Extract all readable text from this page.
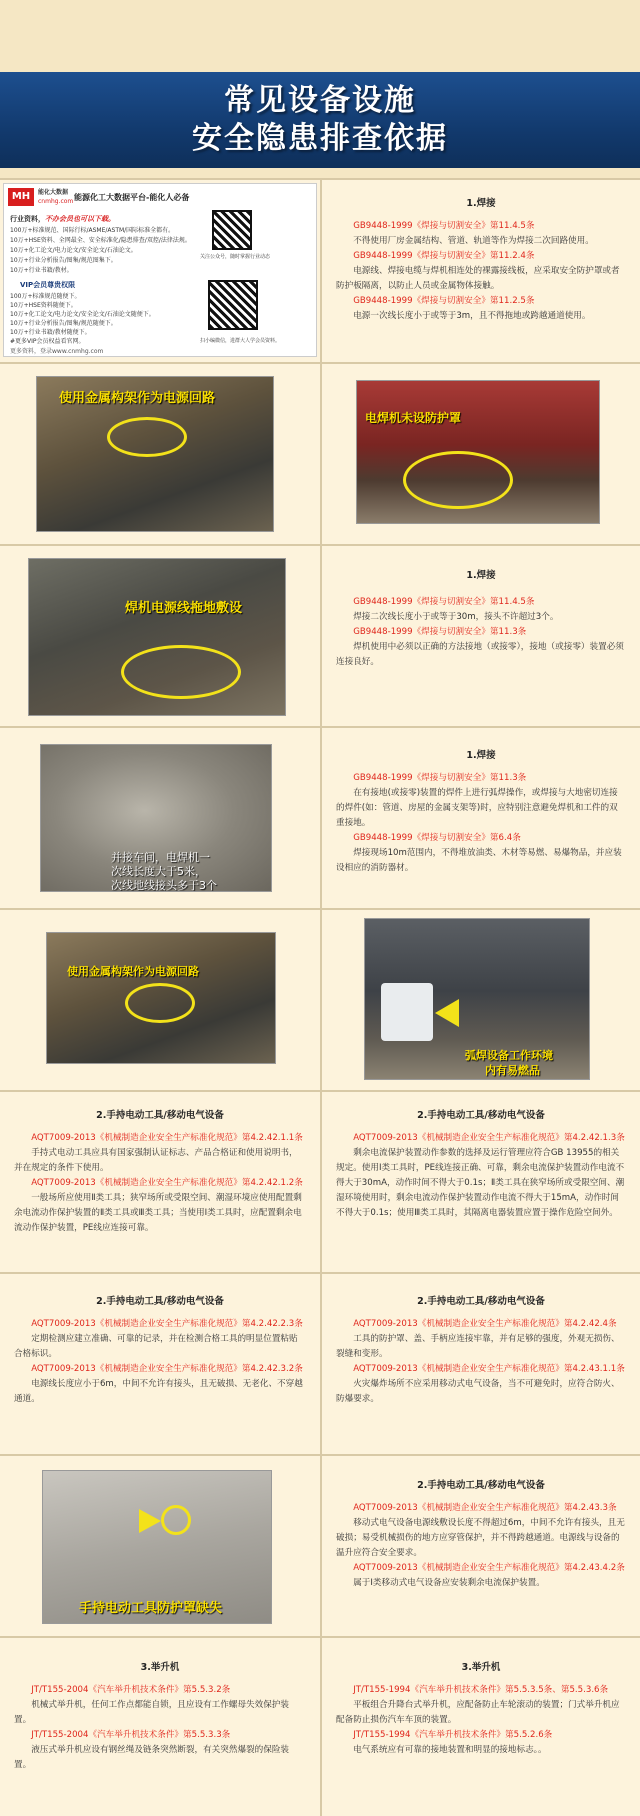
常见设备设施
安全隐患排查依据
MH	能化大数据
cnmhg.com 能源化工大数据平台-能化人必备
行业资料，不办会员也可以下载。
100万+标准规范、国际行标/ASME/ASTM/国际标准全都有。
10万+HSE资料、全网最全、安全标准化/隐患排查/双控/法律法规。
10万+化工论文/电力论文/安全论文/石油论文。
10万+行业分析报告/图集/规范图集下。
10万+行业书籍/教材。
VIP会员尊贵权限
100万+标准规范随便下。
10万+HSE资料随便下。
10万+化工论文/电力论文/安全论文/石油论文随便下。
10万+行业分析报告/图集/规范随便下。
10万+行业书籍/教材随便下。
#更多VIP会员权益看官网。
更多资料，登录www.cnmhg.com
关注公众号，随时掌握行业动态
扫小编微信，进群大人学会员资料。
1.焊接

GB9448-1999《焊接与切割安全》第11.4.5条

不得使用厂房金属结构、管道、轨道等作为焊接二次回路使用。

GB9448-1999《焊接与切割安全》第11.2.4条

电源线、焊接电缆与焊机相连处的裸露接线板，应采取安全防护罩或者防护板隔离，以防止人员或金属物体接触。

GB9448-1999《焊接与切割安全》第11.2.5条

电源一次线长度小于或等于3m，且不得拖地或跨越通道使用。

使用金属构架作为电源回路
电焊机未设防护罩
焊机电源线拖地敷设
1.焊接

GB9448-1999《焊接与切割安全》第11.4.5条

焊接二次线长度小于或等于30m，接头不许超过3个。

GB9448-1999《焊接与切割安全》第11.3条

焊机使用中必须以正确的方法接地（或接零），接地（或接零）装置必须连接良好。

并接车间，电焊机一
次线长度大于5米，
次线地线接头多于3个
1.焊接

GB9448-1999《焊接与切割安全》第11.3条

在有接地(或接零)装置的焊件上进行弧焊操作，或焊接与大地密切连接的焊件(如：管道、房屋的金属支架等)时，应特别注意避免焊机和工件的双重接地。

GB9448-1999《焊接与切割安全》第6.4条

焊接现场10m范围内，不得堆放油类、木材等易燃、易爆物品，并应装设相应的消防器材。

使用金属构架作为电源回路
弧焊设备工作环境
内有易燃品
2.手持电动工具/移动电气设备

AQT7009-2013《机械制造企业安全生产标准化规范》第4.2.42.1.1条

手持式电动工具应具有国家强制认证标志、产品合格证和使用说明书，并在规定的条件下使用。

AQT7009-2013《机械制造企业安全生产标准化规范》第4.2.42.1.2条

一般场所应使用Ⅱ类工具；狭窄场所或受限空间、潮湿环境应使用配置剩余电流动作保护装置的Ⅱ类工具或Ⅲ类工具；当使用Ⅰ类工具时，应配置剩余电流动作保护装置，PE线应连接可靠。

2.手持电动工具/移动电气设备

AQT7009-2013《机械制造企业安全生产标准化规范》第4.2.42.1.3条

剩余电流保护装置动作参数的选择及运行管理应符合GB 13955的相关规定。使用Ⅰ类工具时，PE线连接正确、可靠，剩余电流保护装置动作电流不得大于30mA，动作时间不得大于0.1s；Ⅱ类工具在狭窄场所或受限空间、潮湿环境使用时，剩余电流动作保护装置动作电流不得大于15mA，动作时间不得大于0.1s；使用Ⅲ类工具时，其隔离电器装置应置于操作危险空间外。

2.手持电动工具/移动电气设备

AQT7009-2013《机械制造企业安全生产标准化规范》第4.2.42.2.3条

定期检测应建立准确、可靠的记录，并在检测合格工具的明显位置粘贴合格标识。

AQT7009-2013《机械制造企业安全生产标准化规范》第4.2.42.3.2条

电源线长度应小于6m，中间不允许有接头，且无破损、无老化、不穿越通道。

2.手持电动工具/移动电气设备

AQT7009-2013《机械制造企业安全生产标准化规范》第4.2.42.4条

工具的防护罩、盖、手柄应连接牢靠，并有足够的强度，外观无损伤、裂缝和变形。

AQT7009-2013《机械制造企业安全生产标准化规范》第4.2.43.1.1条

火灾爆炸场所不应采用移动式电气设备，当不可避免时，应符合防火、防爆要求。

手持电动工具防护罩缺失
2.手持电动工具/移动电气设备

AQT7009-2013《机械制造企业安全生产标准化规范》第4.2.43.3条

移动式电气设备电源线敷设长度不得超过6m，中间不允许有接头，且无破损；易受机械损伤的地方应穿管保护，并不得跨越通道。电源线与设备的温升应符合安全要求。

AQT7009-2013《机械制造企业安全生产标准化规范》第4.2.43.4.2条

属于Ⅰ类移动式电气设备应安装剩余电流保护装置。

3.举升机

JT/T155-2004《汽车举升机技术条件》第5.5.3.2条

机械式举升机，任何工作点都能自锁，且应设有工作螺母失效保护装置。

JT/T155-2004《汽车举升机技术条件》第5.5.3.3条

液压式举升机应设有钢丝绳及链条突然断裂，有关突然爆裂的保险装置。

3.举升机

JT/T155-1994《汽车举升机技术条件》第5.5.3.5条、第5.5.3.6条

平板组合升降台式举升机，应配备防止车轮滚动的装置；门式举升机应配备防止损伤汽车车顶的装置。

JT/T155-1994《汽车举升机技术条件》第5.5.2.6条

电气系统应有可靠的接地装置和明显的接地标志。。
